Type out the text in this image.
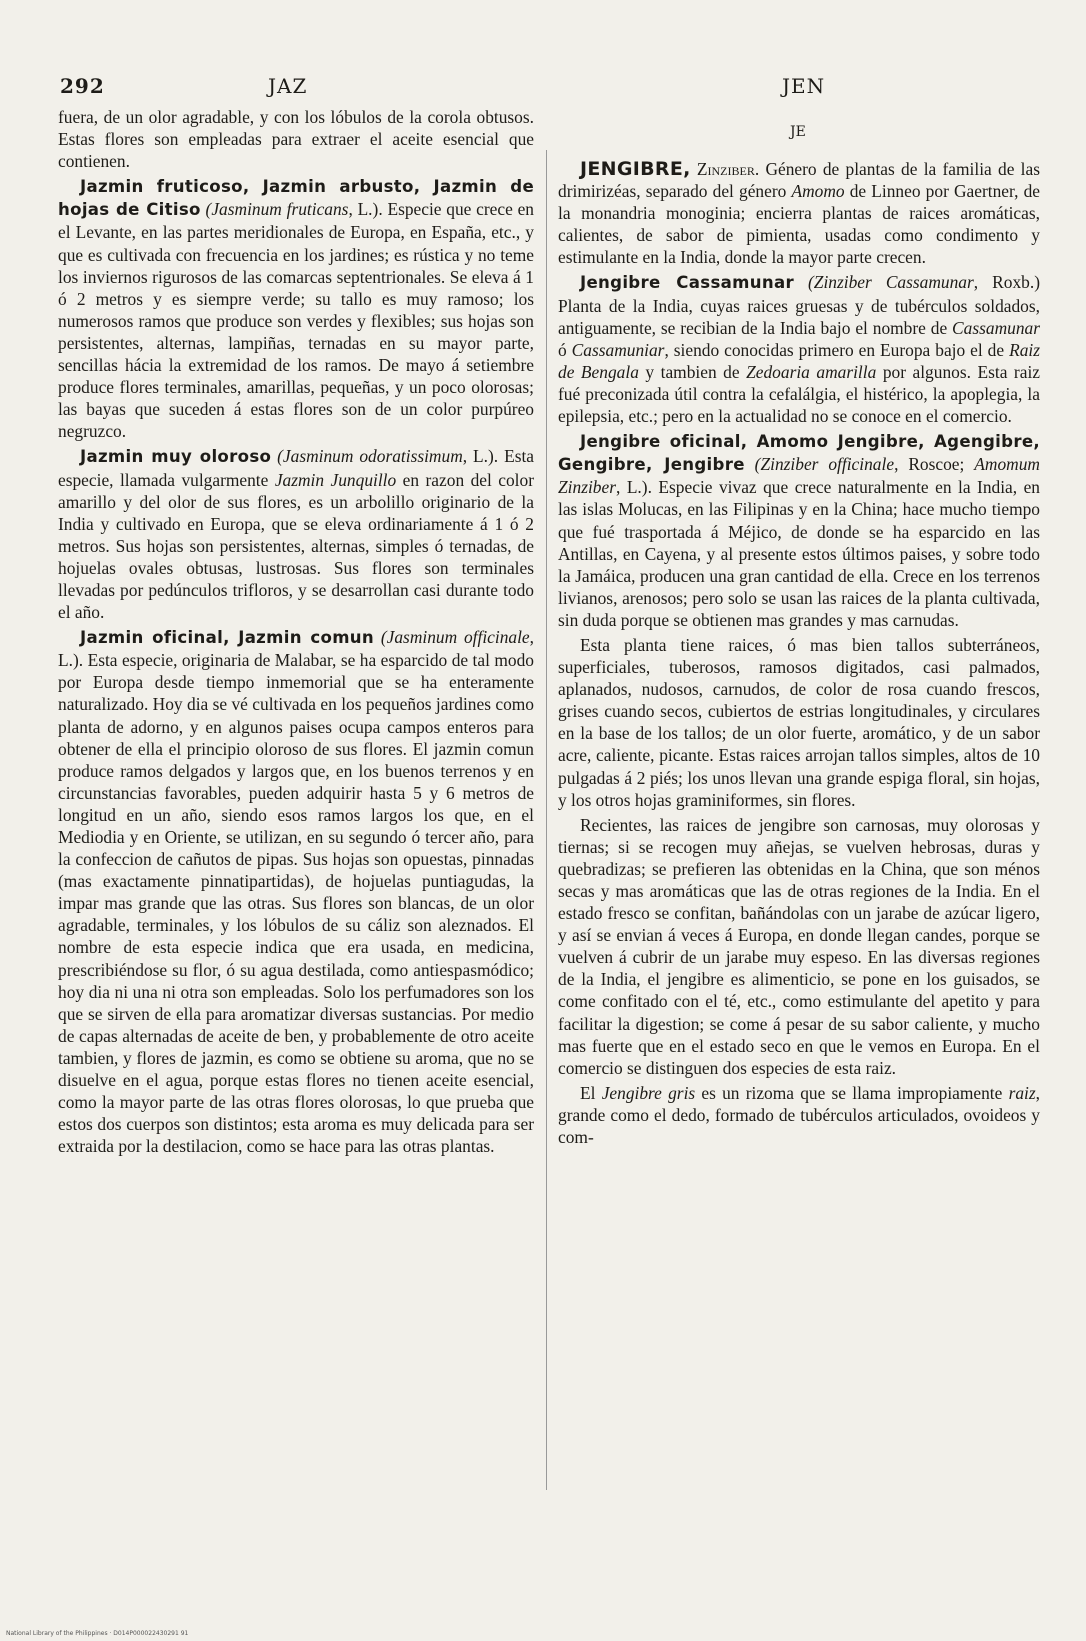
292	JAZ	JEN
JE

fuera, de un olor agradable, y con los lóbulos de la corola obtusos. Estas flores son empleadas para extraer el aceite esencial que contienen.

Jazmin fruticoso, Jazmin arbusto, Jazmin de hojas de Citiso (Jasminum fruticans, L.). Especie que crece en el Levante, en las partes meridionales de Europa, en España, etc., y que es cultivada con frecuencia en los jardines; es rústica y no teme los inviernos rigurosos de las comarcas septentrionales. Se eleva á 1 ó 2 metros y es siempre verde; su tallo es muy ramoso; los numerosos ramos que produce son verdes y flexibles; sus hojas son persistentes, alternas, lampiñas, ternadas en su mayor parte, sencillas hácia la extremidad de los ramos. De mayo á setiembre produce flores terminales, amarillas, pequeñas, y un poco olorosas; las bayas que suceden á estas flores son de un color purpúreo negruzco.

Jazmin muy oloroso (Jasminum odoratissimum, L.). Esta especie, llamada vulgarmente Jazmin Junquillo en razon del color amarillo y del olor de sus flores, es un arbolillo originario de la India y cultivado en Europa, que se eleva ordinariamente á 1 ó 2 metros. Sus hojas son persistentes, alternas, simples ó ternadas, de hojuelas ovales obtusas, lustrosas. Sus flores son terminales llevadas por pedúnculos trifloros, y se desarrollan casi durante todo el año.

Jazmin oficinal, Jazmin comun (Jasminum officinale, L.). Esta especie, originaria de Malabar, se ha esparcido de tal modo por Europa desde tiempo inmemorial que se ha enteramente naturalizado. Hoy dia se vé cultivada en los pequeños jardines como planta de adorno, y en algunos paises ocupa campos enteros para obtener de ella el principio oloroso de sus flores. El jazmin comun produce ramos delgados y largos que, en los buenos terrenos y en circunstancias favorables, pueden adquirir hasta 5 y 6 metros de longitud en un año, siendo esos ramos largos los que, en el Mediodia y en Oriente, se utilizan, en su segundo ó tercer año, para la confeccion de cañutos de pipas. Sus hojas son opuestas, pinnadas (mas exactamente pinnatipartidas), de hojuelas puntiagudas, la impar mas grande que las otras. Sus flores son blancas, de un olor agradable, terminales, y los lóbulos de su cáliz son aleznados. El nombre de esta especie indica que era usada, en medicina, prescribiéndose su flor, ó su agua destilada, como antiespasmódico; hoy dia ni una ni otra son empleadas. Solo los perfumadores son los que se sirven de ella para aromatizar diversas sustancias. Por medio de capas alternadas de aceite de ben, y probablemente de otro aceite tambien, y flores de jazmin, es como se obtiene su aroma, que no se disuelve en el agua, porque estas flores no tienen aceite esencial, como la mayor parte de las otras flores olorosas, lo que prueba que estos dos cuerpos son distintos; esta aroma es muy delicada para ser extraida por la destilacion, como se hace para las otras plantas.

JENGIBRE, Zinziber. Género de plantas de la familia de las drimirizéas, separado del género Amomo de Linneo por Gaertner, de la monandria monoginia; encierra plantas de raices aromáticas, calientes, de sabor de pimienta, usadas como condimento y estimulante en la India, donde la mayor parte crecen.

Jengibre Cassamunar (Zinziber Cassamunar, Roxb.) Planta de la India, cuyas raices gruesas y de tubérculos soldados, antiguamente, se recibian de la India bajo el nombre de Cassamunar ó Cassamuniar, siendo conocidas primero en Europa bajo el de Raiz de Bengala y tambien de Zedoaria amarilla por algunos. Esta raiz fué preconizada útil contra la cefalálgia, el histérico, la apoplegia, la epilepsia, etc.; pero en la actualidad no se conoce en el comercio.

Jengibre oficinal, Amomo Jengibre, Agengibre, Gengibre, Jengibre (Zinziber officinale, Roscoe; Amomum Zinziber, L.). Especie vivaz que crece naturalmente en la India, en las islas Molucas, en las Filipinas y en la China; hace mucho tiempo que fué trasportada á Méjico, de donde se ha esparcido en las Antillas, en Cayena, y al presente estos últimos paises, y sobre todo la Jamáica, producen una gran cantidad de ella. Crece en los terrenos livianos, arenosos; pero solo se usan las raices de la planta cultivada, sin duda porque se obtienen mas grandes y mas carnudas.

Esta planta tiene raices, ó mas bien tallos subterráneos, superficiales, tuberosos, ramosos digitados, casi palmados, aplanados, nudosos, carnudos, de color de rosa cuando frescos, grises cuando secos, cubiertos de estrias longitudinales, y circulares en la base de los tallos; de un olor fuerte, aromático, y de un sabor acre, caliente, picante. Estas raices arrojan tallos simples, altos de 10 pulgadas á 2 piés; los unos llevan una grande espiga floral, sin hojas, y los otros hojas graminiformes, sin flores.

Recientes, las raices de jengibre son carnosas, muy olorosas y tiernas; si se recogen muy añejas, se vuelven hebrosas, duras y quebradizas; se prefieren las obtenidas en la China, que son ménos secas y mas aromáticas que las de otras regiones de la India. En el estado fresco se confitan, bañándolas con un jarabe de azúcar ligero, y así se envian á veces á Europa, en donde llegan candes, porque se vuelven á cubrir de un jarabe muy espeso. En las diversas regiones de la India, el jengibre es alimenticio, se pone en los guisados, se come confitado con el té, etc., como estimulante del apetito y para facilitar la digestion; se come á pesar de su sabor caliente, y mucho mas fuerte que en el estado seco en que le vemos en Europa. En el comercio se distinguen dos especies de esta raiz.

El Jengibre gris es un rizoma que se llama impropiamente raiz, grande como el dedo, formado de tubérculos articulados, ovoideos y com-

National Library of the Philippines · D014P000022430291 91
